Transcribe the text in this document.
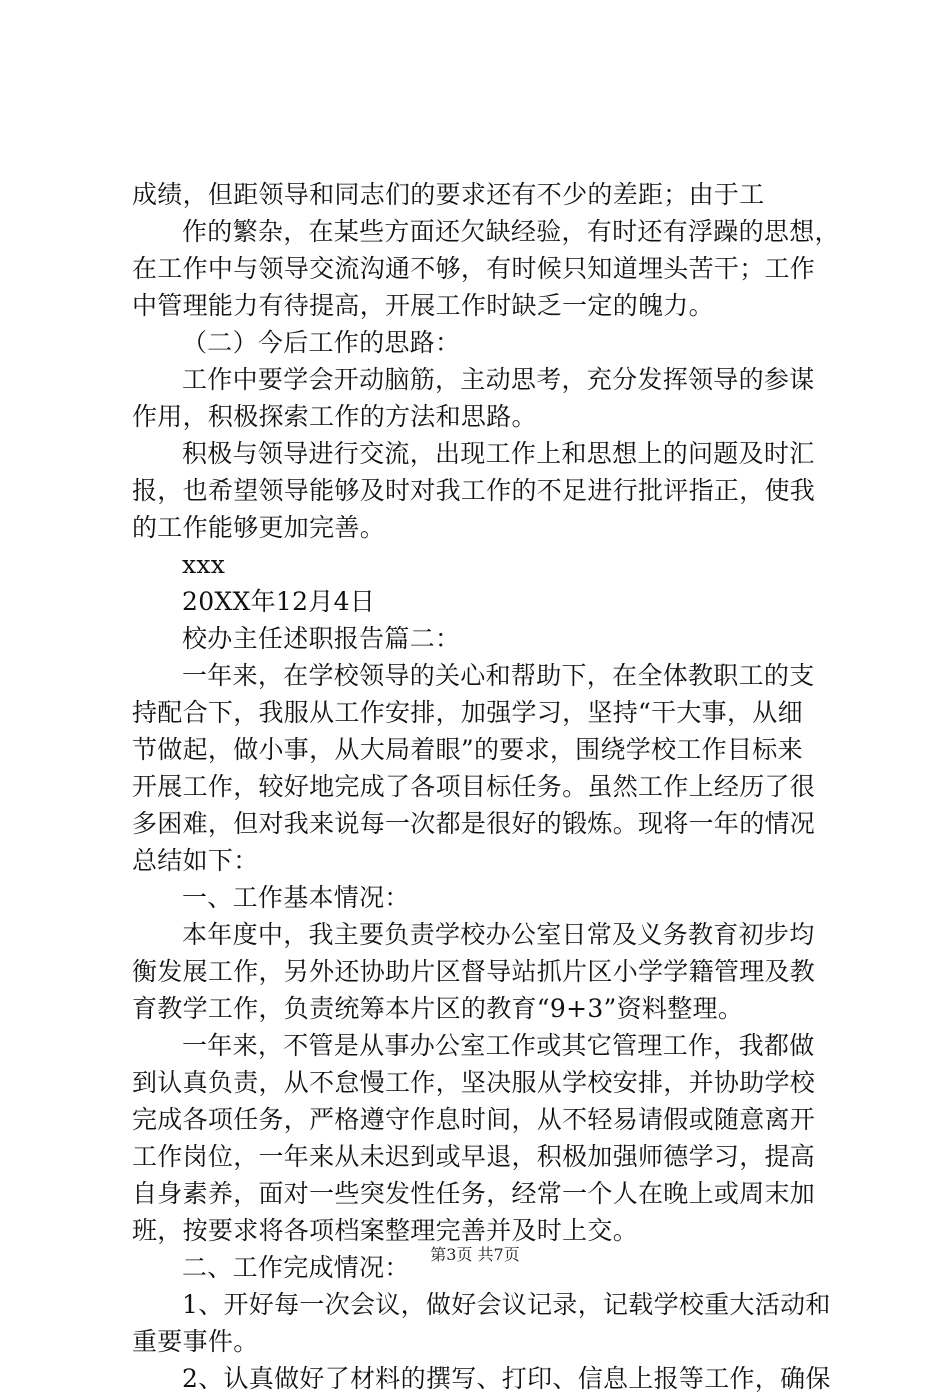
成绩，但距领导和同志们的要求还有不少的差距；由于工
作的繁杂，在某些方面还欠缺经验，有时还有浮躁的思想，
在工作中与领导交流沟通不够，有时候只知道埋头苦干；工作
中管理能力有待提高，开展工作时缺乏一定的魄力。
（二）今后工作的思路：
工作中要学会开动脑筋，主动思考，充分发挥领导的参谋
作用，积极探索工作的方法和思路。
积极与领导进行交流，出现工作上和思想上的问题及时汇
报，也希望领导能够及时对我工作的不足进行批评指正，使我
的工作能够更加完善。
xxx
20XX年12月4日
校办主任述职报告篇二：
一年来，在学校领导的关心和帮助下，在全体教职工的支
持配合下，我服从工作安排，加强学习，坚持“干大事，从细
节做起，做小事，从大局着眼”的要求，围绕学校工作目标来
开展工作，较好地完成了各项目标任务。虽然工作上经历了很
多困难，但对我来说每一次都是很好的锻炼。现将一年的情况
总结如下：
一、工作基本情况：
本年度中，我主要负责学校办公室日常及义务教育初步均
衡发展工作，另外还协助片区督导站抓片区小学学籍管理及教
育教学工作，负责统筹本片区的教育“9+3”资料整理。
一年来，不管是从事办公室工作或其它管理工作，我都做
到认真负责，从不怠慢工作，坚决服从学校安排，并协助学校
完成各项任务，严格遵守作息时间，从不轻易请假或随意离开
工作岗位，一年来从未迟到或早退，积极加强师德学习，提高
自身素养，面对一些突发性任务，经常一个人在晚上或周末加
班，按要求将各项档案整理完善并及时上交。
二、工作完成情况：
1、开好每一次会议，做好会议记录，记载学校重大活动和
重要事件。
2、认真做好了材料的撰写、打印、信息上报等工作，确保
第3页 共7页
